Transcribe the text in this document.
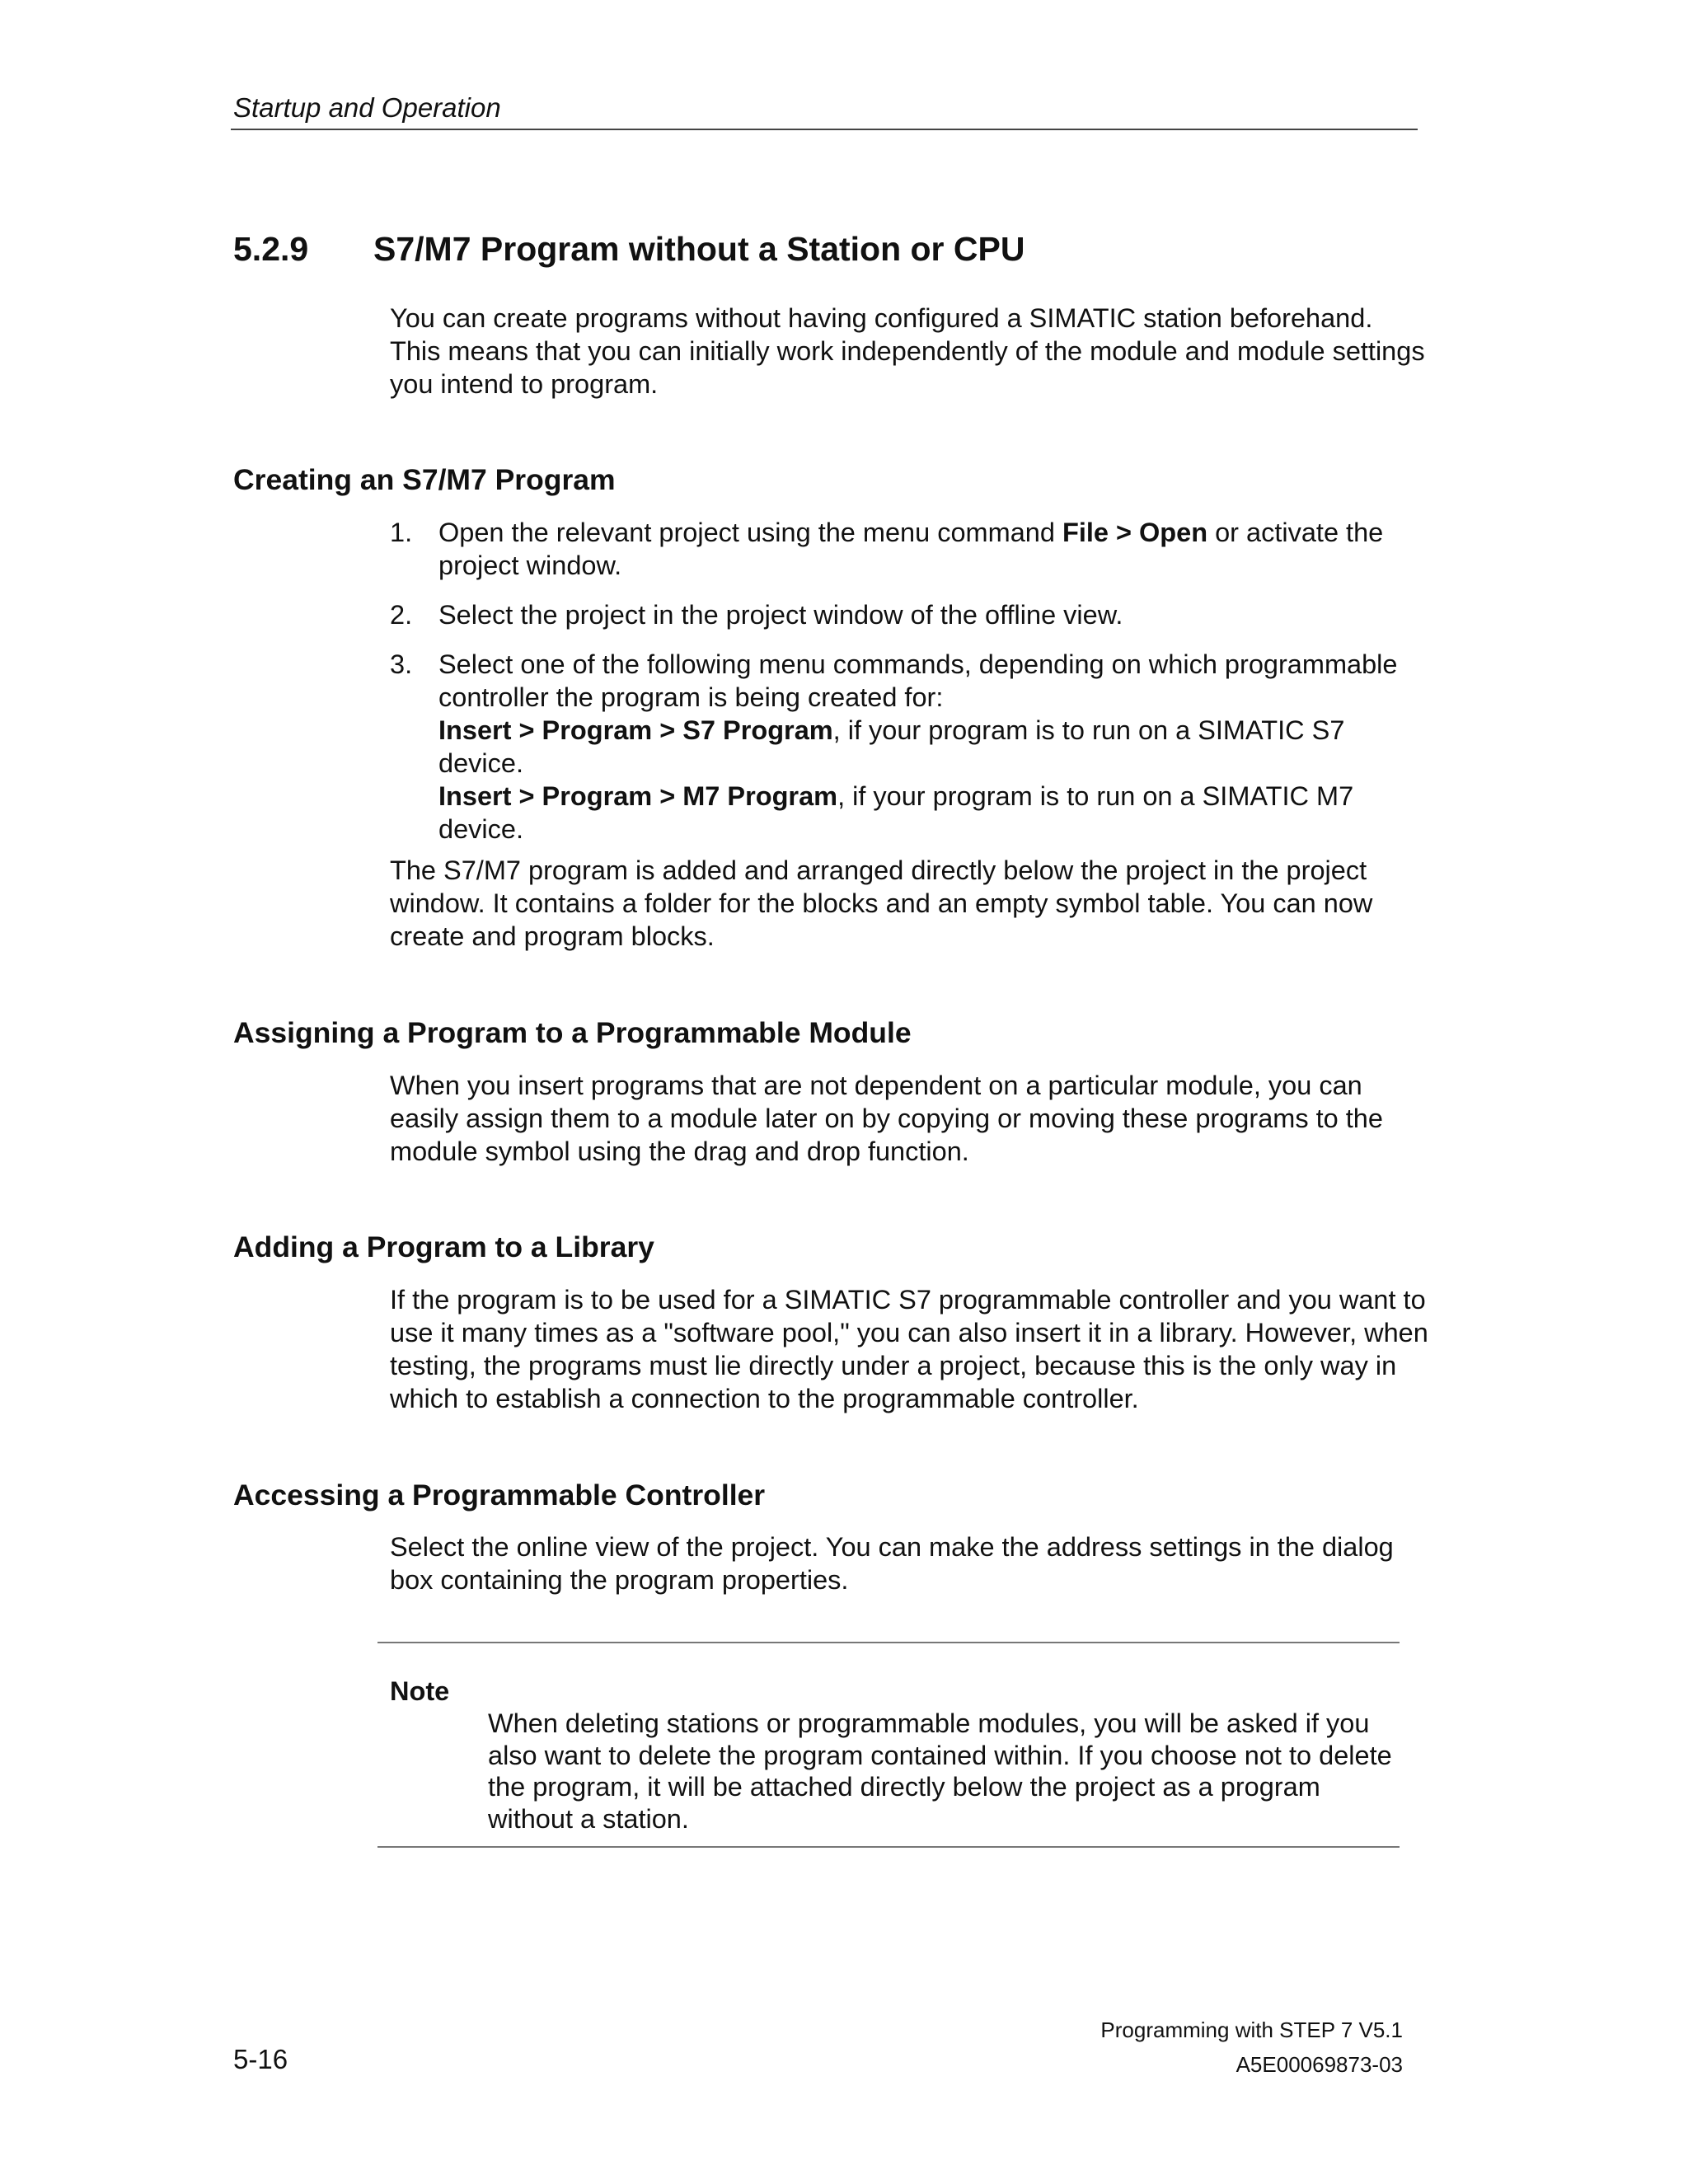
Startup and Operation
5.2.9 S7/M7 Program without a Station or CPU
You can create programs without having configured a SIMATIC station beforehand. This means that you can initially work independently of the module and module settings you intend to program.
Creating an S7/M7 Program
1. Open the relevant project using the menu command File > Open or activate the project window.
2. Select the project in the project window of the offline view.
3. Select one of the following menu commands, depending on which programmable controller the program is being created for:
Insert > Program > S7 Program, if your program is to run on a SIMATIC S7 device.
Insert > Program > M7 Program, if your program is to run on a SIMATIC M7 device.
The S7/M7 program is added and arranged directly below the project in the project window. It contains a folder for the blocks and an empty symbol table. You can now create and program blocks.
Assigning a Program to a Programmable Module
When you insert programs that are not dependent on a particular module, you can easily assign them to a module later on by copying or moving these programs to the module symbol using the drag and drop function.
Adding a Program to a Library
If the program is to be used for a SIMATIC S7 programmable controller and you want to use it many times as a "software pool," you can also insert it in a library. However, when testing, the programs must lie directly under a project, because this is the only way in which to establish a connection to the programmable controller.
Accessing a Programmable Controller
Select the online view of the project. You can make the address settings in the dialog box containing the program properties.
Note
When deleting stations or programmable modules, you will be asked if you also want to delete the program contained within. If you choose not to delete the program, it will be attached directly below the project as a program without a station.
Programming with STEP 7 V5.1
5-16	A5E00069873-03
